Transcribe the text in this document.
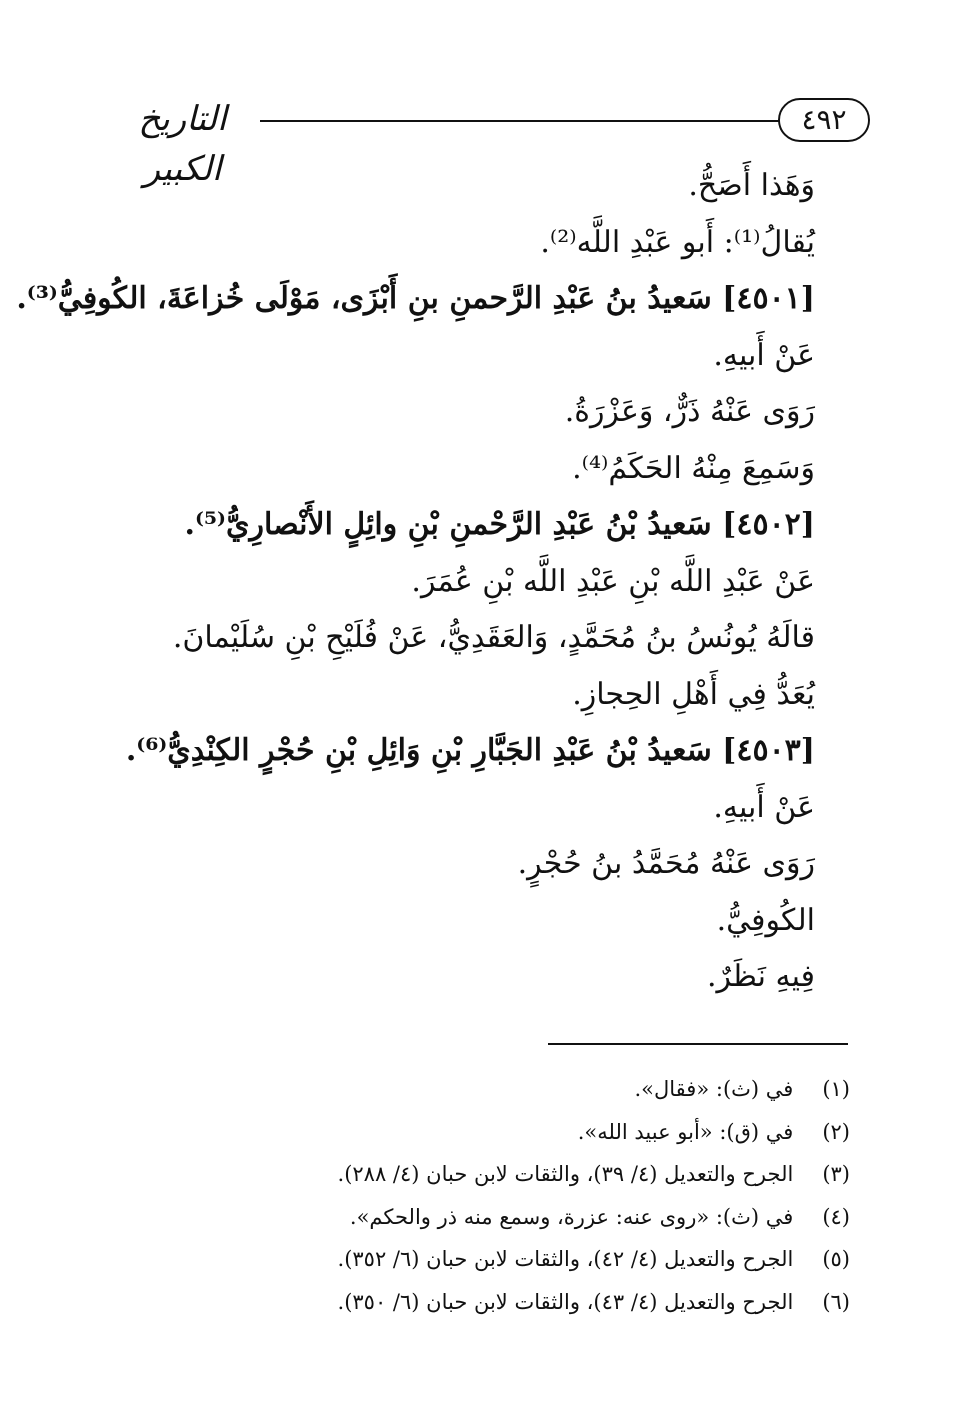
التاريخ الكبير
٤٩٢
وَهَذا أَصَحُّ.
يُقالُ⁽¹⁾: أَبو عَبْدِ اللَّه⁽²⁾.
[٤٥٠١] سَعيدُ بنُ عَبْدِ الرَّحمنِ بنِ أَبْزَى، مَوْلَى خُزاعَةَ، الكُوفِيُّ⁽³⁾.
عَنْ أَبيهِ.
رَوَى عَنْهُ ذَرٌّ، وَعَزْرَةُ.
وَسَمِعَ مِنْهُ الحَكَمُ⁽⁴⁾.
[٤٥٠٢] سَعيدُ بْنُ عَبْدِ الرَّحْمنِ بْنِ وائِلٍ الأَنْصارِيُّ⁽⁵⁾.
عَنْ عَبْدِ اللَّه بْنِ عَبْدِ اللَّه بْنِ عُمَرَ.
قالَهُ يُونُسُ بنُ مُحَمَّدٍ، وَالعَقَدِيُّ، عَنْ فُلَيْحِ بْنِ سُلَيْمانَ.
يُعَدُّ فِي أَهْلِ الحِجازِ.
[٤٥٠٣] سَعيدُ بْنُ عَبْدِ الجَبَّارِ بْنِ وَائِلِ بْنِ حُجْرٍ الكِنْدِيُّ⁽⁶⁾.
عَنْ أَبيهِ.
رَوَى عَنْهُ مُحَمَّدُ بنُ حُجْرٍ.
الكُوفِيُّ.
فِيهِ نَظَرٌ.
(١) في (ث): «فقال».
(٢) في (ق): «أبو عبيد الله».
(٣) الجرح والتعديل (٤/ ٣٩)، والثقات لابن حبان (٤/ ٢٨٨).
(٤) في (ث): «روى عنه: عزرة، وسمع منه ذر والحكم».
(٥) الجرح والتعديل (٤/ ٤٢)، والثقات لابن حبان (٦/ ٣٥٢).
(٦) الجرح والتعديل (٤/ ٤٣)، والثقات لابن حبان (٦/ ٣٥٠).
